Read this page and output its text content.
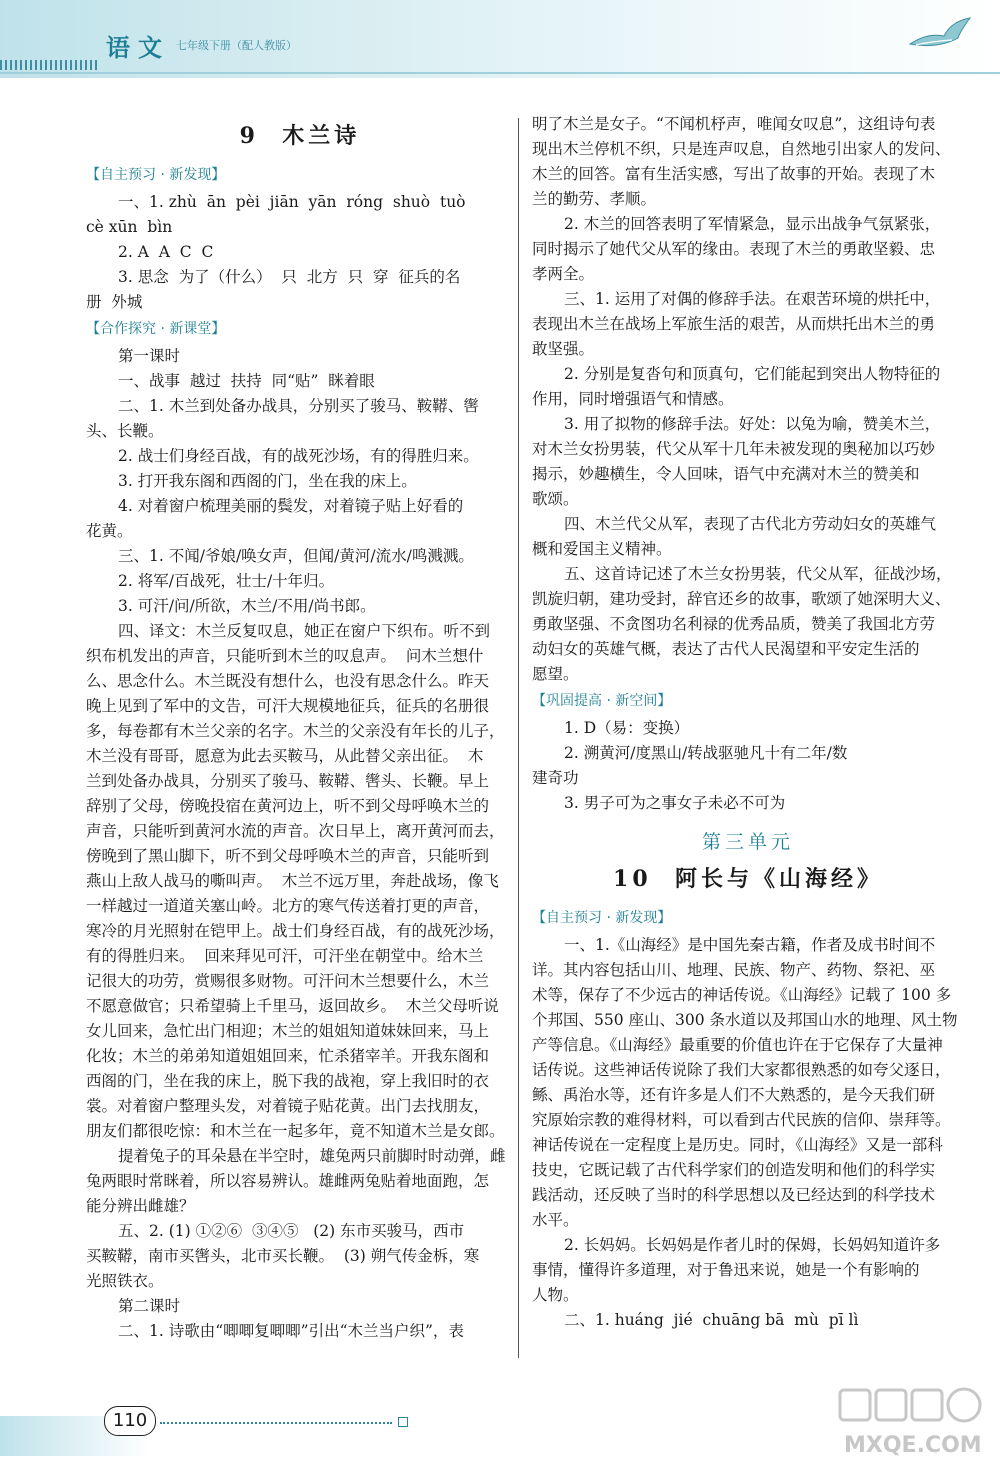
语文 七年级下册（配人教版）

9  木兰诗

【自主预习 · 新发现】

一、1. zhù  ān  pèi  jiān  yān  róng  shuò  tuò

cè xūn  bìn

2. A  A  C  C

3. 思念  为了（什么）  只  北方  只  穿  征兵的名

册  外城

【合作探究 · 新课堂】

第一课时

一、战事  越过  扶持  同“贴”  眯着眼

二、1. 木兰到处备办战具，分别买了骏马、鞍鞯、辔

头、长鞭。

2. 战士们身经百战，有的战死沙场，有的得胜归来。

3. 打开我东阁和西阁的门，坐在我的床上。

4. 对着窗户梳理美丽的鬓发，对着镜子贴上好看的

花黄。

三、1. 不闻/爷娘/唤女声，但闻/黄河/流水/鸣溅溅。

2. 将军/百战死，壮士/十年归。

3. 可汗/问/所欲，木兰/不用/尚书郎。

四、译文：木兰反复叹息，她正在窗户下织布。听不到

织布机发出的声音，只能听到木兰的叹息声。  问木兰想什

么、思念什么。木兰既没有想什么，也没有思念什么。昨天

晚上见到了军中的文告，可汗大规模地征兵，征兵的名册很

多，每卷都有木兰父亲的名字。木兰的父亲没有年长的儿子，

木兰没有哥哥，愿意为此去买鞍马，从此替父亲出征。  木

兰到处备办战具，分别买了骏马、鞍鞯、辔头、长鞭。早上

辞别了父母，傍晚投宿在黄河边上，听不到父母呼唤木兰的

声音，只能听到黄河水流的声音。次日早上，离开黄河而去，

傍晚到了黑山脚下，听不到父母呼唤木兰的声音，只能听到

燕山上敌人战马的嘶叫声。  木兰不远万里，奔赴战场，像飞

一样越过一道道关塞山岭。北方的寒气传送着打更的声音，

寒冷的月光照射在铠甲上。战士们身经百战，有的战死沙场，

有的得胜归来。  回来拜见可汗，可汗坐在朝堂中。给木兰

记很大的功劳，赏赐很多财物。可汗问木兰想要什么，木兰

不愿意做官；只希望骑上千里马，返回故乡。  木兰父母听说

女儿回来，急忙出门相迎；木兰的姐姐知道妹妹回来，马上

化妆；木兰的弟弟知道姐姐回来，忙杀猪宰羊。开我东阁和

西阁的门，坐在我的床上，脱下我的战袍，穿上我旧时的衣

裳。对着窗户整理头发，对着镜子贴花黄。出门去找朋友，

朋友们都很吃惊：和木兰在一起多年，竟不知道木兰是女郎。

提着兔子的耳朵悬在半空时，雄兔两只前脚时时动弹，雌

兔两眼时常眯着，所以容易辨认。雄雌两兔贴着地面跑，怎

能分辨出雌雄？

五、2. (1) ①②⑥  ③④⑤   (2) 东市买骏马，西市

买鞍鞯，南市买辔头，北市买长鞭。  (3) 朔气传金柝，寒

光照铁衣。

第二课时

二、1. 诗歌由“唧唧复唧唧”引出“木兰当户织”，表

明了木兰是女子。“不闻机杼声，唯闻女叹息”，这组诗句表

现出木兰停机不织，只是连声叹息，自然地引出家人的发问、

木兰的回答。富有生活实感，写出了故事的开始。表现了木

兰的勤劳、孝顺。

2. 木兰的回答表明了军情紧急，显示出战争气氛紧张，

同时揭示了她代父从军的缘由。表现了木兰的勇敢坚毅、忠

孝两全。

三、1. 运用了对偶的修辞手法。在艰苦环境的烘托中，

表现出木兰在战场上军旅生活的艰苦，从而烘托出木兰的勇

敢坚强。

2. 分别是复沓句和顶真句，它们能起到突出人物特征的

作用，同时增强语气和情感。

3. 用了拟物的修辞手法。好处：以兔为喻，赞美木兰，

对木兰女扮男装，代父从军十几年未被发现的奥秘加以巧妙

揭示，妙趣横生，令人回味，语气中充满对木兰的赞美和

歌颂。

四、木兰代父从军，表现了古代北方劳动妇女的英雄气

概和爱国主义精神。

五、这首诗记述了木兰女扮男装，代父从军，征战沙场，

凯旋归朝，建功受封，辞官还乡的故事，歌颂了她深明大义、

勇敢坚强、不贪图功名利禄的优秀品质，赞美了我国北方劳

动妇女的英雄气概，表达了古代人民渴望和平安定生活的

愿望。

【巩固提高 · 新空间】

1. D（易：变换）

2. 溯黄河/度黑山/转战驱驰凡十有二年/数

建奇功

3. 男子可为之事女子未必不可为

第三单元

10  阿长与《山海经》

【自主预习 · 新发现】

一、1.《山海经》是中国先秦古籍，作者及成书时间不

详。其内容包括山川、地理、民族、物产、药物、祭祀、巫

术等，保存了不少远古的神话传说。《山海经》记载了 100 多

个邦国、550 座山、300 条水道以及邦国山水的地理、风土物

产等信息。《山海经》最重要的价值也许在于它保存了大量神

话传说。这些神话传说除了我们大家都很熟悉的如夸父逐日，

鲧、禹治水等，还有许多是人们不大熟悉的，是今天我们研

究原始宗教的难得材料，可以看到古代民族的信仰、崇拜等。

神话传说在一定程度上是历史。同时，《山海经》又是一部科

技史，它既记载了古代科学家们的创造发明和他们的科学实

践活动，还反映了当时的科学思想以及已经达到的科学技术

水平。

2. 长妈妈。长妈妈是作者儿时的保姆，长妈妈知道许多

事情，懂得许多道理，对于鲁迅来说，她是一个有影响的

人物。

二、1. huáng  jié  chuāng bā  mù  pī lì

110
MXQE.COM
